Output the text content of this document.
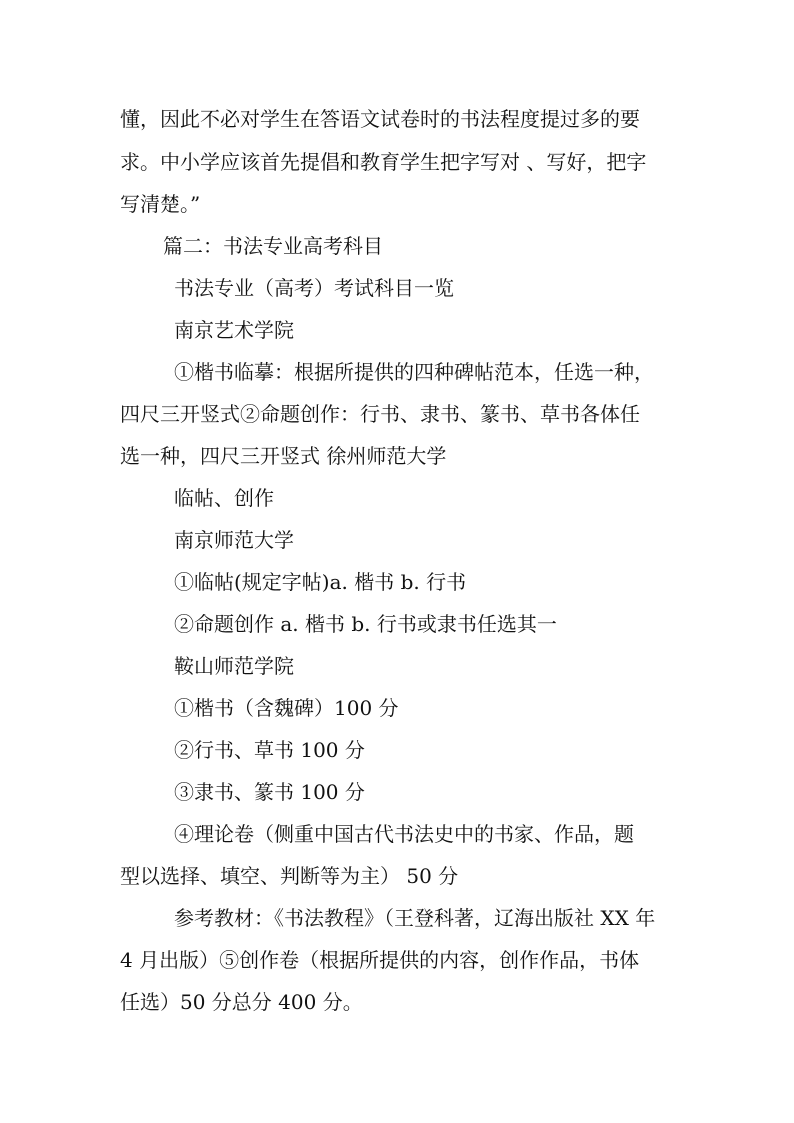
懂，因此不必对学生在答语文试卷时的书法程度提过多的要
求。中小学应该首先提倡和教育学生把字写对 、写好，把字
写清楚。”
篇二：书法专业高考科目
书法专业（高考）考试科目一览
南京艺术学院
①楷书临摹：根据所提供的四种碑帖范本，任选一种，
四尺三开竖式②命题创作：行书、隶书、篆书、草书各体任
选一种，四尺三开竖式 徐州师范大学
临帖、创作
南京师范大学
①临帖(规定字帖)a. 楷书 b. 行书
②命题创作 a. 楷书 b. 行书或隶书任选其一
鞍山师范学院
①楷书（含魏碑）100 分
②行书、草书 100 分
③隶书、篆书 100 分
④理论卷（侧重中国古代书法史中的书家、作品，题
型以选择、填空、判断等为主） 50 分
参考教材：《书法教程》（王登科著，辽海出版社 XX 年
4 月出版）⑤创作卷（根据所提供的内容，创作作品，书体
任选）50 分总分 400 分。
